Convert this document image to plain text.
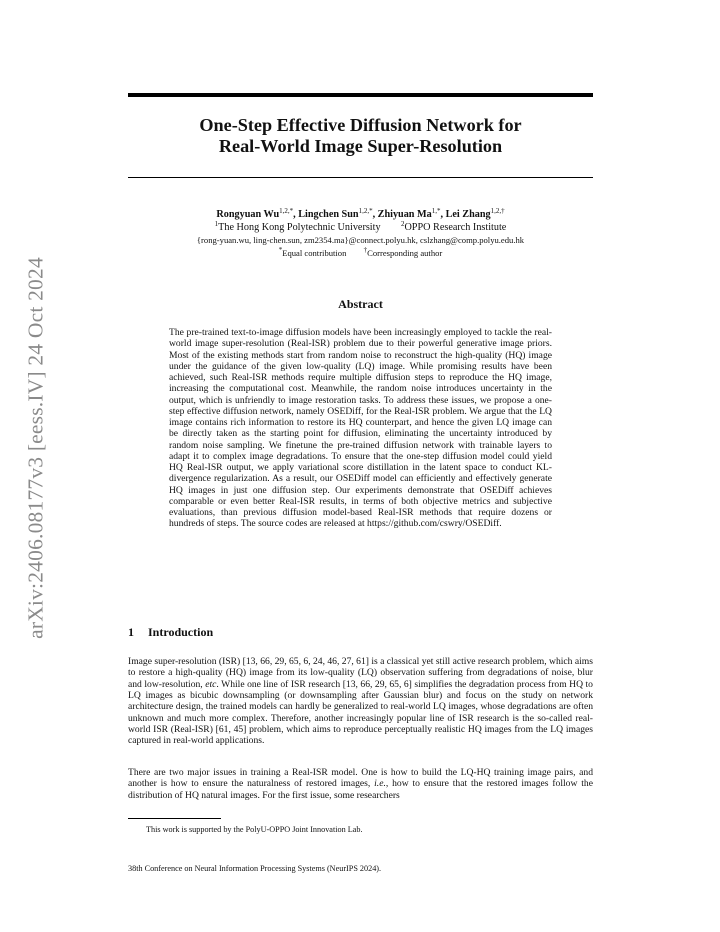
arXiv:2406.08177v3 [eess.IV] 24 Oct 2024
One-Step Effective Diffusion Network for
Real-World Image Super-Resolution
Rongyuan $Wu^{1,2,*}$, Lingchen Sun$^{1,2,*}$, Zhiyuan $Ma^{1,*}$, Lei Zhang$^{1,2,\dagger}$
$^1$The Hong Kong Polytechnic University	$^2$OPPO Research Institute
{rong-yuan.wu, ling-chen.sun, zm2354.ma}@connect.polyu.hk, cslzhang@comp.polyu.edu.hk
*Equal contribution †Corresponding author
Abstract
The pre-trained text-to-image diffusion models have been increasingly employed to tackle the real-world image super-resolution (Real-ISR) problem due to their powerful generative image priors. Most of the existing methods start from random noise to reconstruct the high-quality (HQ) image under the guidance of the given low-quality (LQ) image. While promising results have been achieved, such Real-ISR methods require multiple diffusion steps to reproduce the HQ image, increasing the computational cost. Meanwhile, the random noise introduces uncertainty in the output, which is unfriendly to image restoration tasks. To address these issues, we propose a one-step effective diffusion network, namely OSEDiff, for the Real-ISR problem. We argue that the LQ image contains rich information to restore its HQ counterpart, and hence the given LQ image can be directly taken as the starting point for diffusion, eliminating the uncertainty introduced by random noise sampling. We finetune the pre-trained diffusion network with trainable layers to adapt it to complex image degradations. To ensure that the one-step diffusion model could yield HQ Real-ISR output, we apply variational score distillation in the latent space to conduct KL-divergence regularization. As a result, our OSEDiff model can efficiently and effectively generate HQ images in just one diffusion step. Our experiments demonstrate that OSEDiff achieves comparable or even better Real-ISR results, in terms of both objective metrics and subjective evaluations, than previous diffusion model-based Real-ISR methods that require dozens or hundreds of steps. The source codes are released at https://github.com/cswry/OSEDiff.
1 Introduction
Image super-resolution (ISR) [13, 66, 29, 65, 6, 24, 46, 27, 61] is a classical yet still active research problem, which aims to restore a high-quality (HQ) image from its low-quality (LQ) observation suffering from degradations of noise, blur and low-resolution, etc. While one line of ISR research [13, 66, 29, 65, 6] simplifies the degradation process from HQ to LQ images as bicubic downsampling (or downsampling after Gaussian blur) and focus on the study on network architecture design, the trained models can hardly be generalized to real-world LQ images, whose degradations are often unknown and much more complex. Therefore, another increasingly popular line of ISR research is the so-called real-world ISR (Real-ISR) [61, 45] problem, which aims to reproduce perceptually realistic HQ images from the LQ images captured in real-world applications.
There are two major issues in training a Real-ISR model. One is how to build the LQ-HQ training image pairs, and another is how to ensure the naturalness of restored images, i.e., how to ensure that the restored images follow the distribution of HQ natural images. For the first issue, some researchers
This work is supported by the PolyU-OPPO Joint Innovation Lab.
38th Conference on Neural Information Processing Systems (NeurIPS 2024).
